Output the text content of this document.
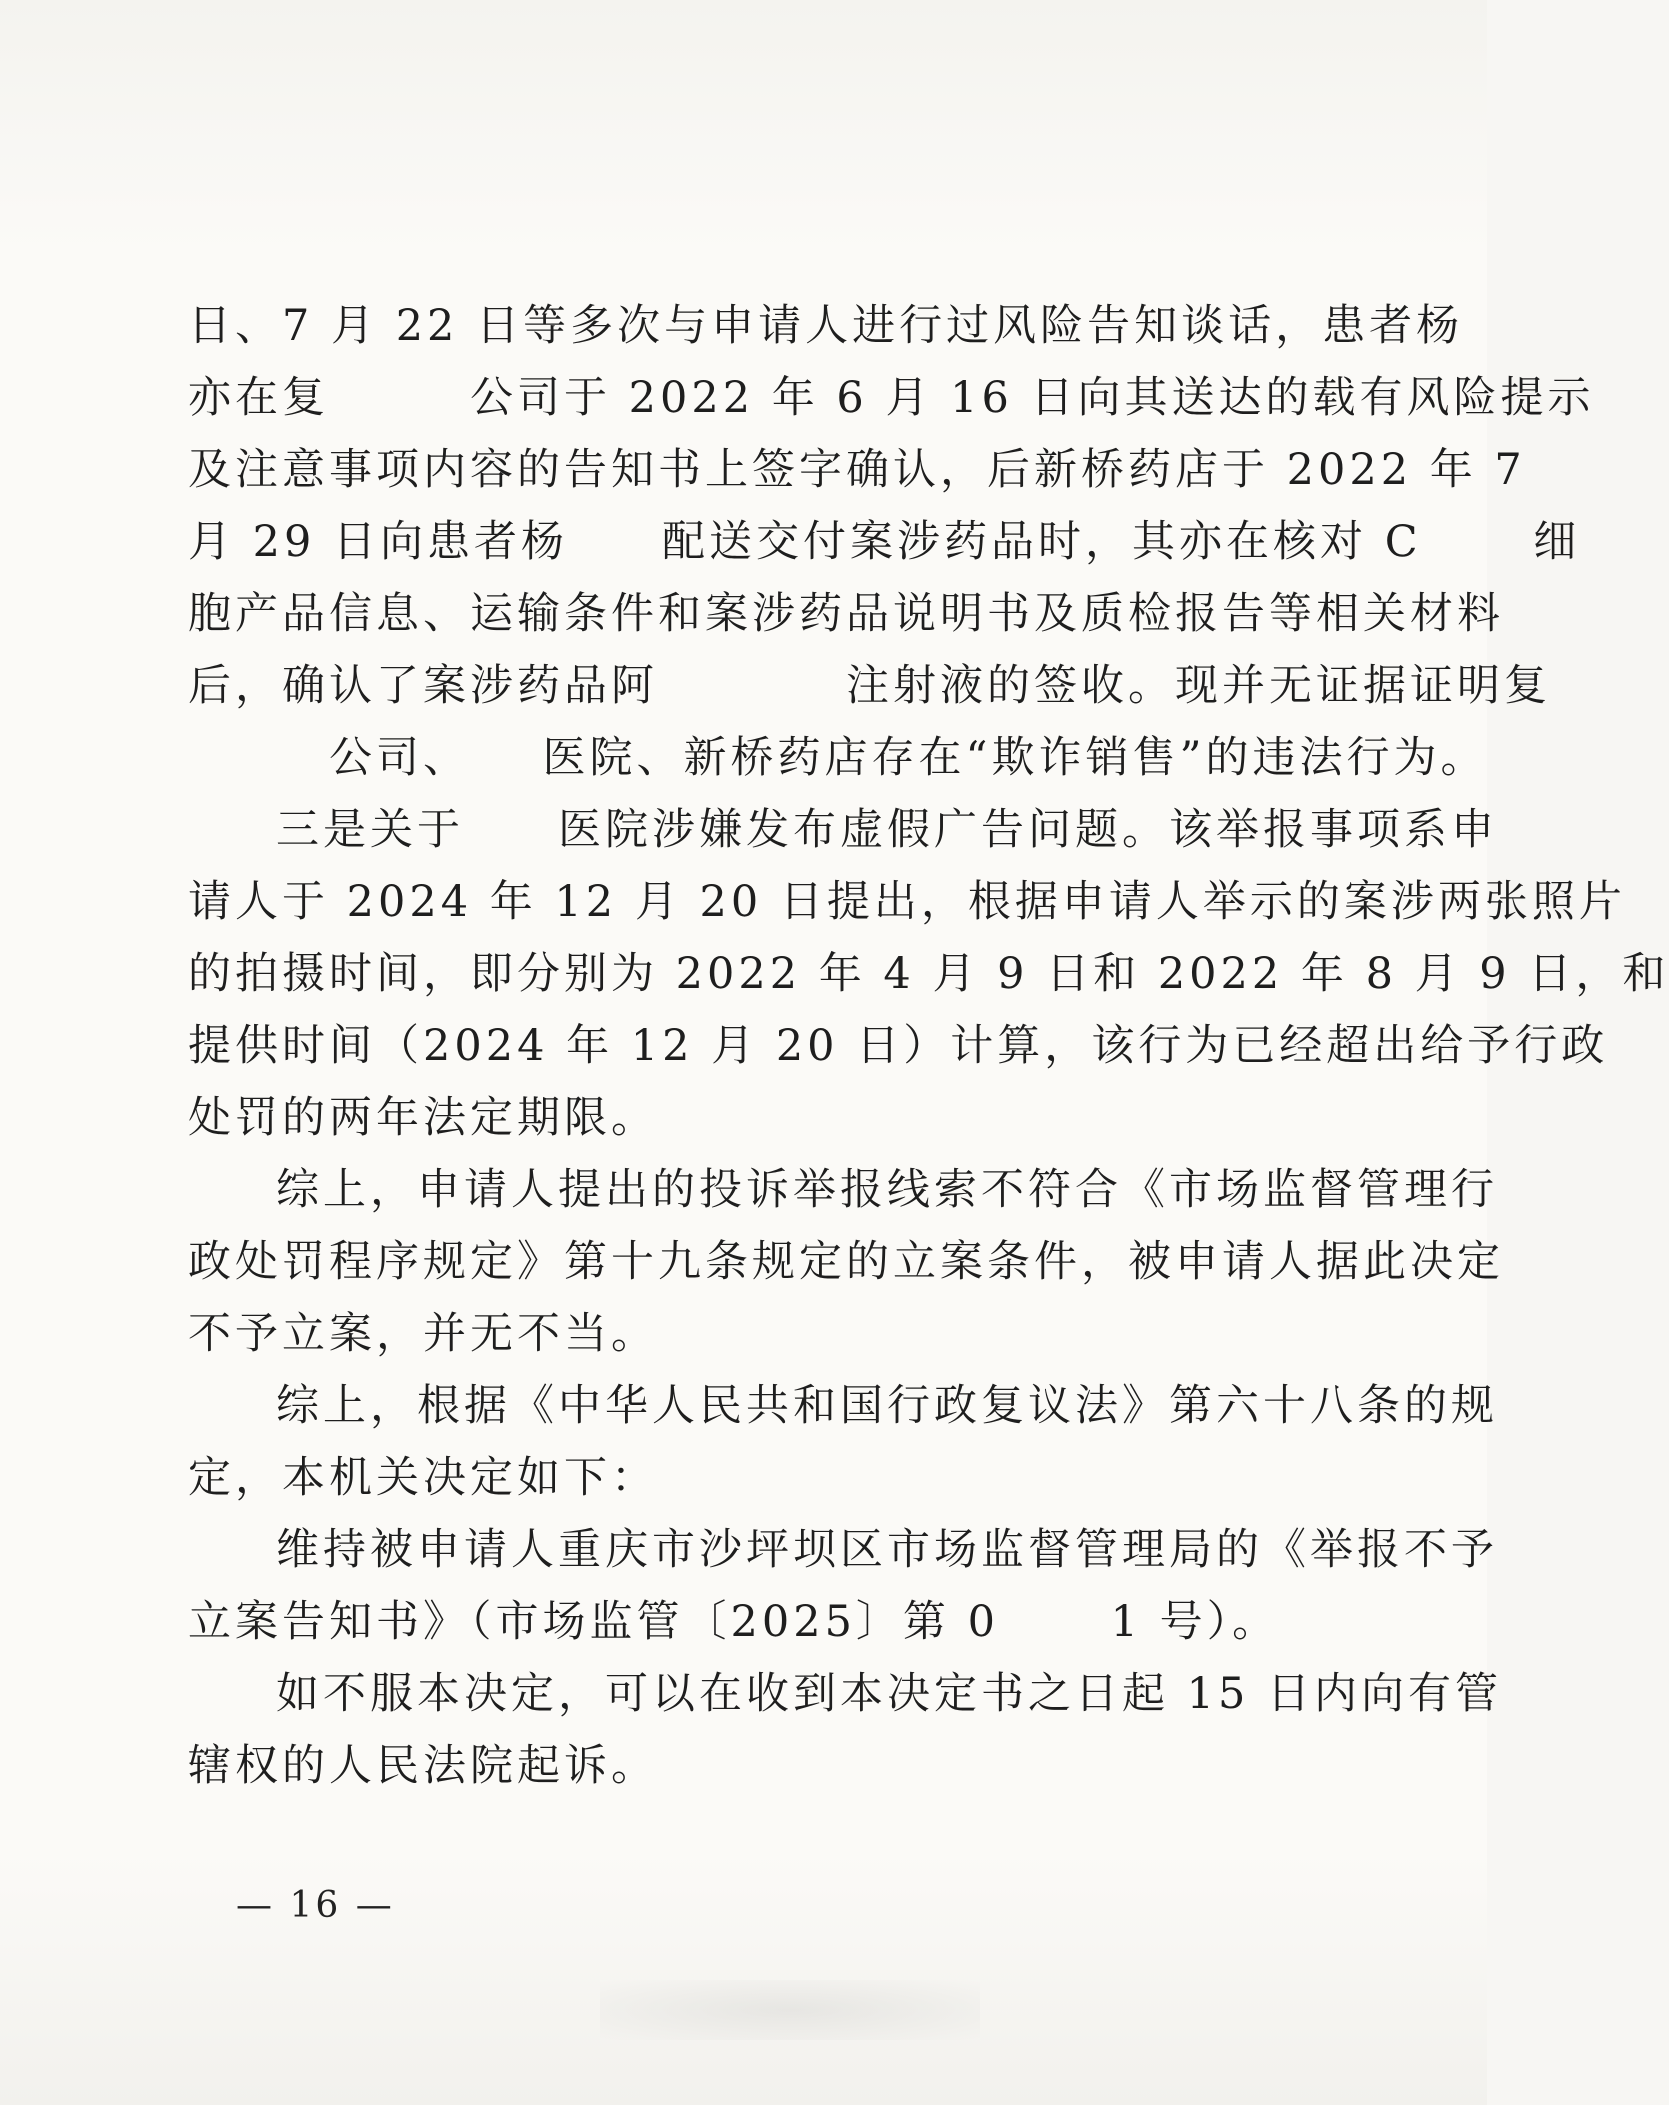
日、7 月 22 日等多次与申请人进行过风险告知谈话，患者杨
亦在复　　　公司于 2022 年 6 月 16 日向其送达的载有风险提示
及注意事项内容的告知书上签字确认，后新桥药店于 2022 年 7
月 29 日向患者杨　　配送交付案涉药品时，其亦在核对 C　　 细
胞产品信息、运输条件和案涉药品说明书及质检报告等相关材料
后，确认了案涉药品阿　　　　注射液的签收。现并无证据证明复
　　　公司、　　医院、新桥药店存在“欺诈销售”的违法行为。
三是关于　　医院涉嫌发布虚假广告问题。该举报事项系申
请人于 2024 年 12 月 20 日提出，根据申请人举示的案涉两张照片
的拍摄时间，即分别为 2022 年 4 月 9 日和 2022 年 8 月 9 日，和
提供时间（2024 年 12 月 20 日）计算，该行为已经超出给予行政
处罚的两年法定期限。
综上，申请人提出的投诉举报线索不符合《市场监督管理行
政处罚程序规定》第十九条规定的立案条件，被申请人据此决定
不予立案，并无不当。
综上，根据《中华人民共和国行政复议法》第六十八条的规
定，本机关决定如下：
维持被申请人重庆市沙坪坝区市场监督管理局的《举报不予
立案告知书》（市场监管〔2025〕第 0　　 1 号）。
如不服本决定，可以在收到本决定书之日起 15 日内向有管
辖权的人民法院起诉。
— 16 —
